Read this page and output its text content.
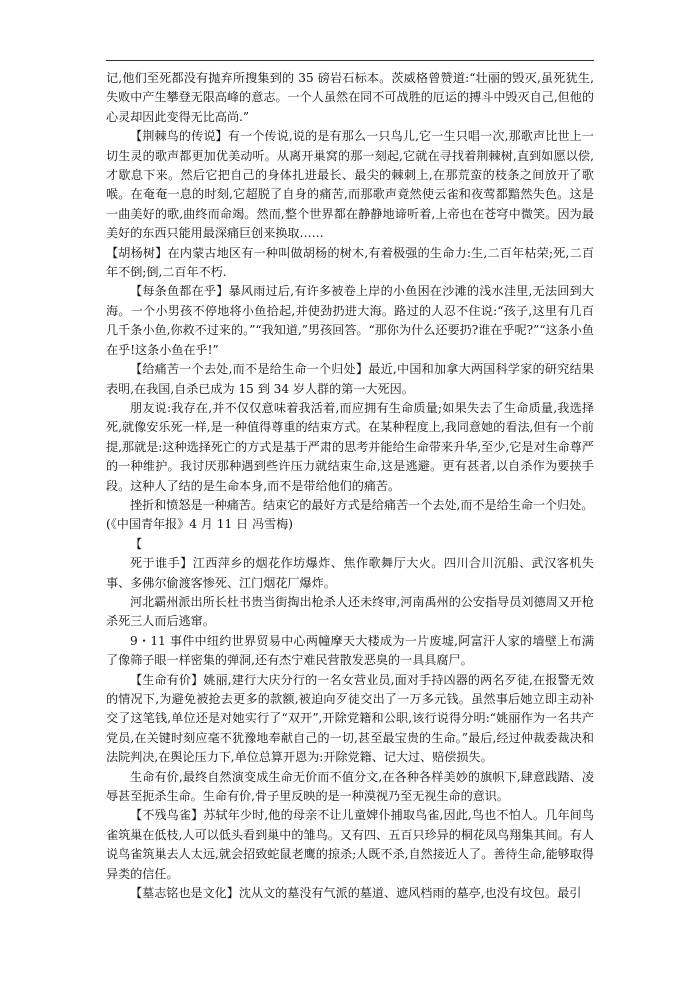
记,他们至死都没有抛弃所搜集到的 35 磅岩石标本。茨威格曾赞道:“壮丽的毁灭,虽死犹生,失败中产生攀登无限高峰的意志。一个人虽然在同不可战胜的厄运的搏斗中毁灭自己,但他的心灵却因此变得无比高尚.”

【荆棘鸟的传说】有一个传说,说的是有那么一只鸟儿,它一生只唱一次,那歌声比世上一切生灵的歌声都更加优美动听。从离开巢窝的那一刻起,它就在寻找着荆棘树,直到如愿以偿,才歇息下来。然后它把自己的身体扎进最长、最尖的棘刺上,在那荒蛮的枝条之间放开了歌喉。在奄奄一息的时刻,它超脱了自身的痛苦,而那歌声竟然使云雀和夜莺都黯然失色。这是一曲美好的歌,曲终而命竭。然而,整个世界都在静静地谛听着,上帝也在苍穹中微笑。因为最美好的东西只能用最深痛巨创来换取……

【胡杨树】在内蒙古地区有一种叫做胡杨的树木,有着极强的生命力:生,二百年枯荣;死,二百年不倒;倒,二百年不朽.

【每条鱼都在乎】暴风雨过后,有许多被卷上岸的小鱼困在沙滩的浅水洼里,无法回到大海。一个小男孩不停地将小鱼拾起,并使劲扔进大海。路过的人忍不住说:“孩子,这里有几百几千条小鱼,你救不过来的。”“我知道,”男孩回答。“那你为什么还要扔?谁在乎呢?”“这条小鱼在乎!这条小鱼在乎!”

【给痛苦一个去处,而不是给生命一个归处】最近,中国和加拿大两国科学家的研究结果表明,在我国,自杀已成为 15 到 34 岁人群的第一大死因。

朋友说:我存在,并不仅仅意味着我活着,而应拥有生命质量;如果失去了生命质量,我选择死,就像安乐死一样,是一种值得尊重的结束方式。在某种程度上,我同意她的看法,但有一个前提,那就是:这种选择死亡的方式是基于严肃的思考并能给生命带来升华,至少,它是对生命尊严的一种维护。我讨厌那种遇到些许压力就结束生命,这是逃避。更有甚者,以自杀作为要挟手段。这种人了结的是生命本身,而不是带给他们的痛苦。

挫折和愤怒是一种痛苦。结束它的最好方式是给痛苦一个去处,而不是给生命一个归处。

(《中国青年报》4 月 11 日 冯雪梅)

【

死于谁手】江西萍乡的烟花作坊爆炸、焦作歌舞厅大火。四川合川沉船、武汉客机失事、多佛尔偷渡客惨死、江门烟花厂爆炸。

河北霸州派出所长杜书贵当街掏出枪杀人还未终审,河南禹州的公安指导员刘德周又开枪杀死三人而后逃窜。

9・11 事件中纽约世界贸易中心两幢摩天大楼成为一片废墟,阿富汗人家的墙壁上布满了像筛子眼一样密集的弹洞,还有杰宁难民营散发恶臭的一具具腐尸。

【生命有价】姚丽,建行大庆分行的一名女营业员,面对手持凶器的两名歹徒,在报警无效的情况下,为避免被抢去更多的款额,被迫向歹徒交出了一万多元钱。虽然事后她立即主动补交了这笔钱,单位还是对她实行了“双开”,开除党籍和公职,该行说得分明:“姚丽作为一名共产党员,在关键时刻应毫不犹豫地奉献自己的一切,甚至最宝贵的生命。”最后,经过仲裁委裁决和法院判决,在舆论压力下,单位总算开恩为:开除党籍、记大过、赔偿损失。

生命有价,最终自然演变成生命无价而不值分文,在各种各样美妙的旗帜下,肆意践踏、凌辱甚至扼杀生命。生命有价,骨子里反映的是一种漠视乃至无视生命的意识。

【不残鸟雀】苏轼年少时,他的母亲不让儿童婢仆捕取鸟雀,因此,鸟也不怕人。几年间鸟雀筑巢在低枝,人可以低头看到巢中的雏鸟。又有四、五百只珍异的桐花凤鸟翔集其间。有人说鸟雀筑巢去人太远,就会招致蛇鼠老鹰的掠杀;人既不杀,自然接近人了。善待生命,能够取得异类的信任。

【墓志铭也是文化】沈从文的墓没有气派的墓道、遮风档雨的墓亭,也没有坟包。最引
